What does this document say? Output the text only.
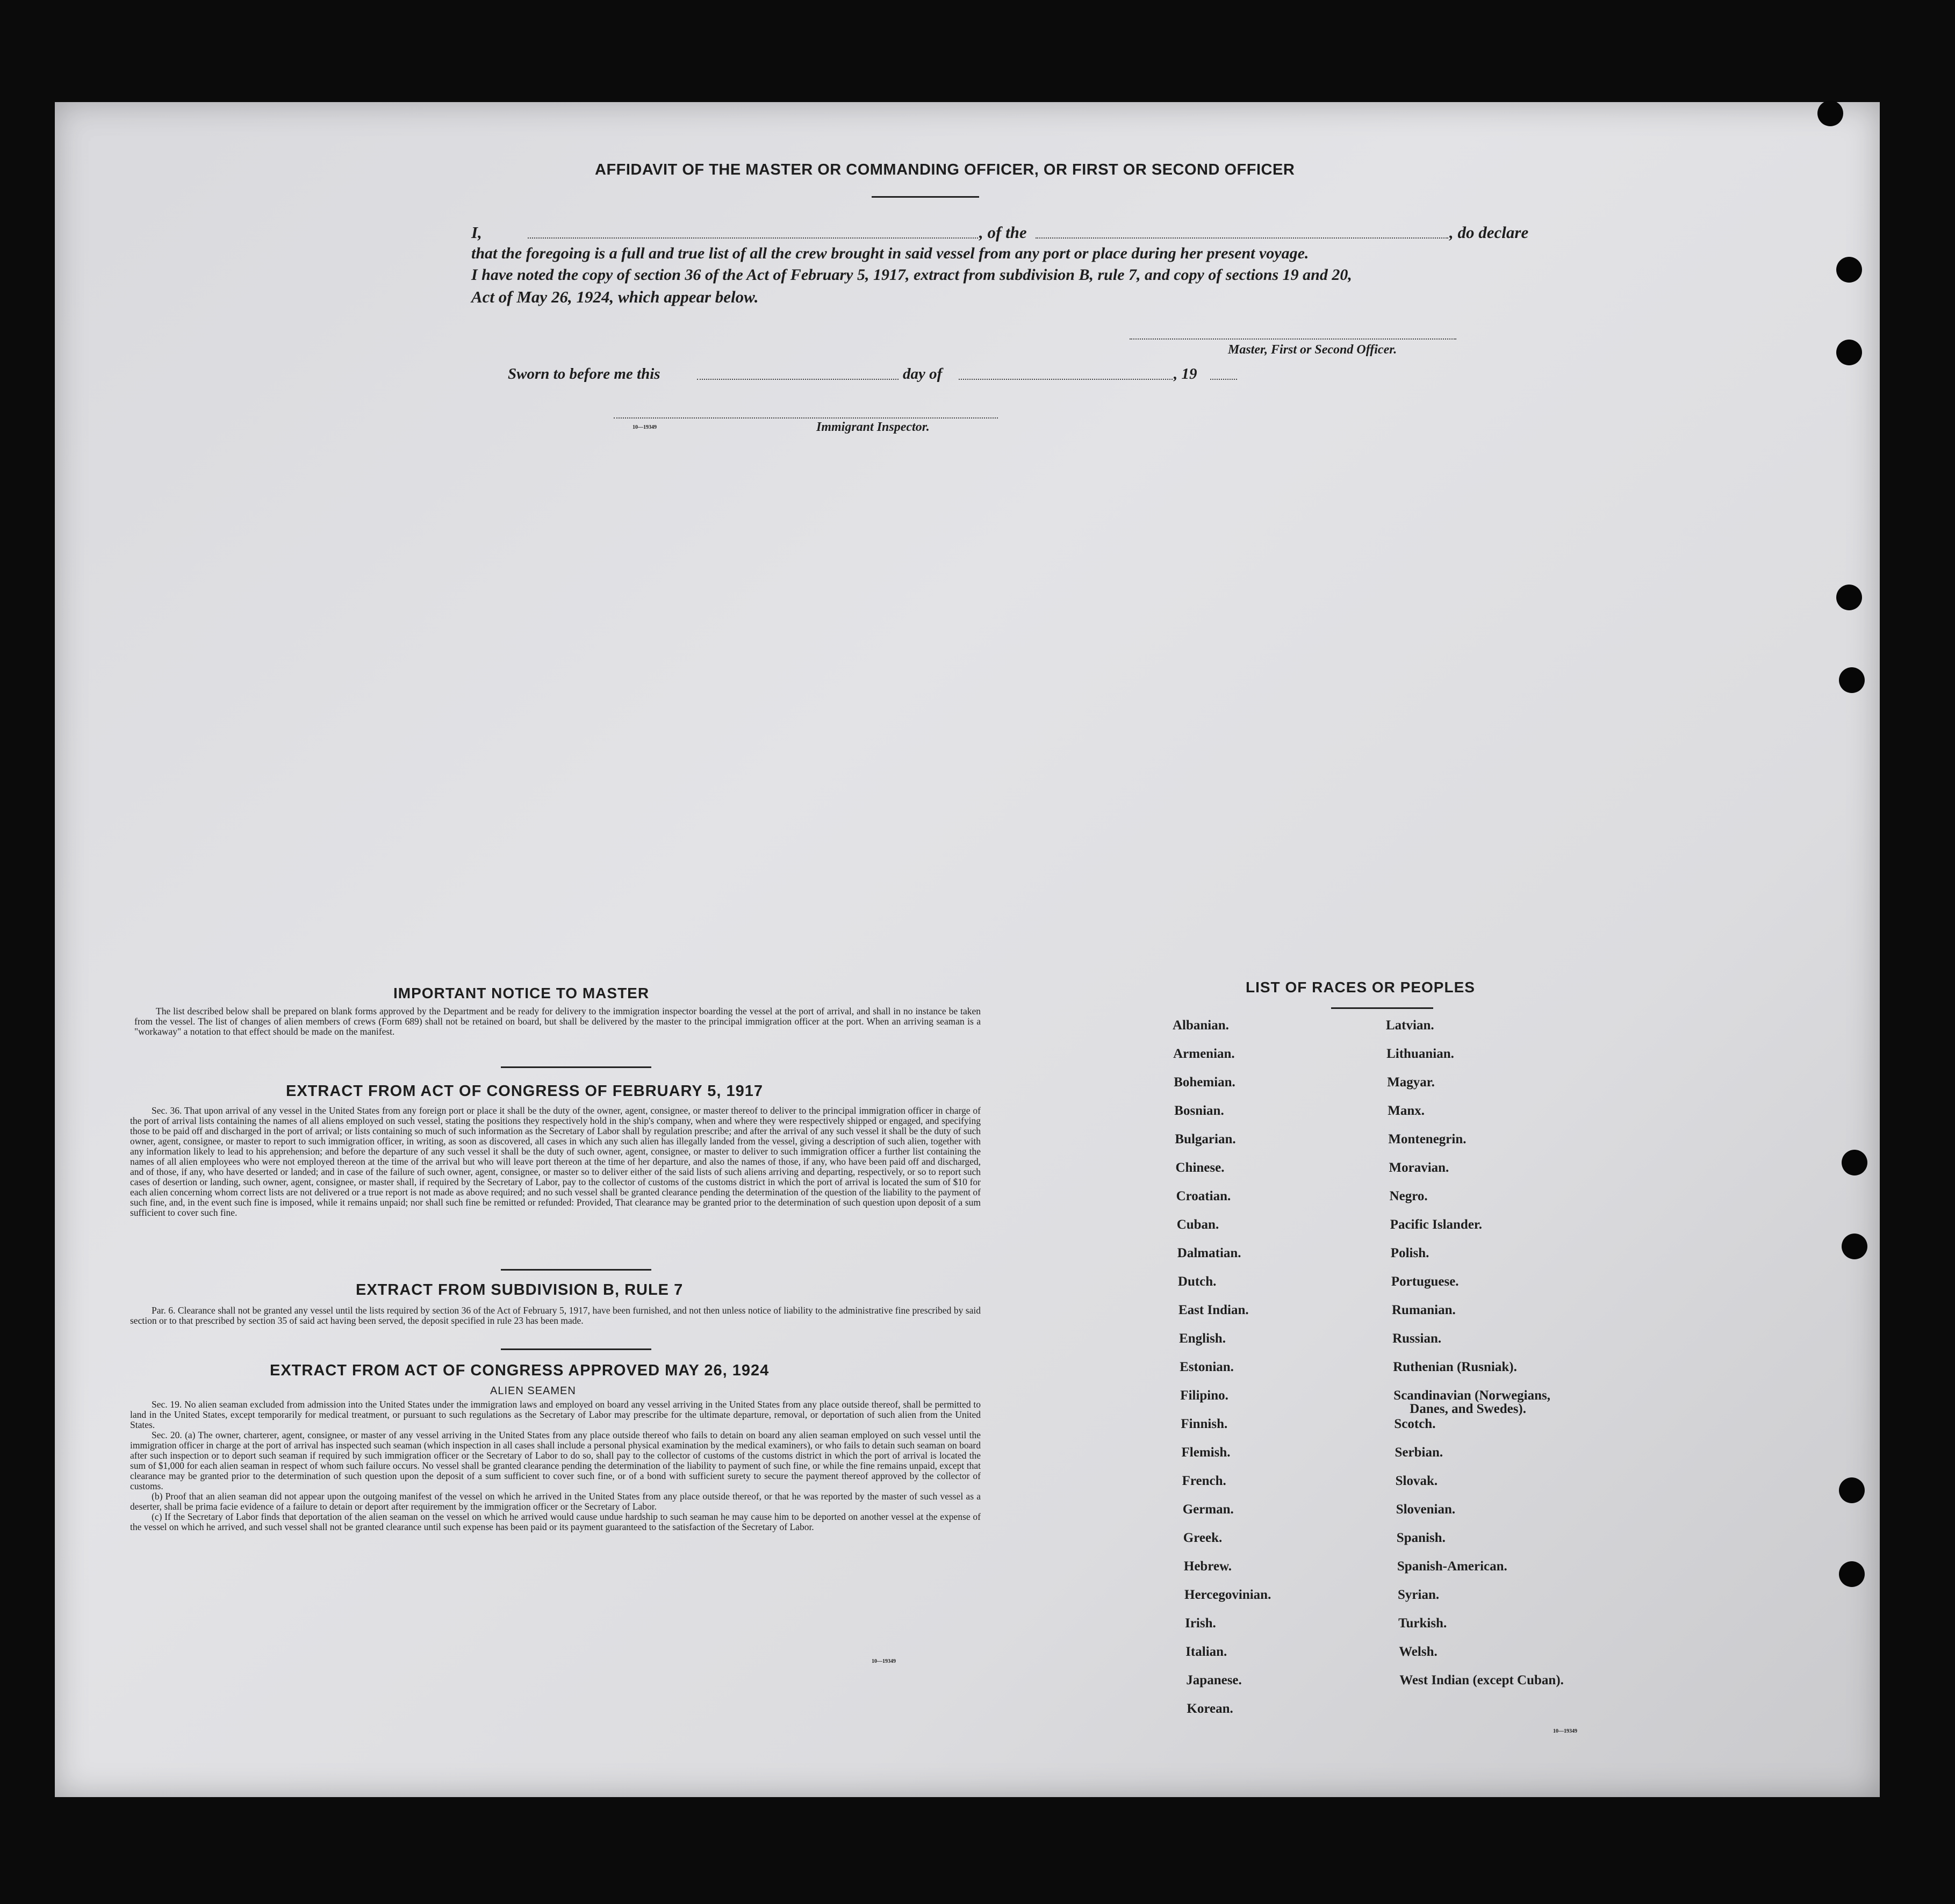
AFFIDAVIT OF THE MASTER OR COMMANDING OFFICER, OR FIRST OR SECOND OFFICER
I,	, of the	, do declare
that the foregoing is a full and true list of all the crew brought in said vessel from any port or place during her present voyage.
I have noted the copy of section 36 of the Act of February 5, 1917, extract from subdivision B, rule 7, and copy of sections 19 and 20,
Act of May 26, 1924, which appear below.
Master, First or Second Officer.
Sworn to before me this	day of	, 19
10—19349	Immigrant Inspector.
IMPORTANT NOTICE TO MASTER

The list described below shall be prepared on blank forms approved by the Department and be ready for delivery to the immigration inspector boarding the vessel at the port of arrival, and shall in no instance be taken from the vessel. The list of changes of alien members of crews (Form 689) shall not be retained on board, but shall be delivered by the master to the principal immigration officer at the port. When an arriving seaman is a "workaway" a notation to that effect should be made on the manifest.

EXTRACT FROM ACT OF CONGRESS OF FEBRUARY 5, 1917

Sec. 36. That upon arrival of any vessel in the United States from any foreign port or place it shall be the duty of the owner, agent, consignee, or master thereof to deliver to the principal immigration officer in charge of the port of arrival lists containing the names of all aliens employed on such vessel, stating the positions they respectively hold in the ship's company, when and where they were respectively shipped or engaged, and specifying those to be paid off and discharged in the port of arrival; or lists containing so much of such information as the Secretary of Labor shall by regulation prescribe; and after the arrival of any such vessel it shall be the duty of such owner, agent, consignee, or master to report to such immigration officer, in writing, as soon as discovered, all cases in which any such alien has illegally landed from the vessel, giving a description of such alien, together with any information likely to lead to his apprehension; and before the departure of any such vessel it shall be the duty of such owner, agent, consignee, or master to deliver to such immigration officer a further list containing the names of all alien employees who were not employed thereon at the time of the arrival but who will leave port thereon at the time of her departure, and also the names of those, if any, who have been paid off and discharged, and of those, if any, who have deserted or landed; and in case of the failure of such owner, agent, consignee, or master so to deliver either of the said lists of such aliens arriving and departing, respectively, or so to report such cases of desertion or landing, such owner, agent, consignee, or master shall, if required by the Secretary of Labor, pay to the collector of customs of the customs district in which the port of arrival is located the sum of $10 for each alien concerning whom correct lists are not delivered or a true report is not made as above required; and no such vessel shall be granted clearance pending the determination of the question of the liability to the payment of such fine, and, in the event such fine is imposed, while it remains unpaid; nor shall such fine be remitted or refunded: Provided, That clearance may be granted prior to the determination of such question upon deposit of a sum sufficient to cover such fine.

EXTRACT FROM SUBDIVISION B, RULE 7

Par. 6. Clearance shall not be granted any vessel until the lists required by section 36 of the Act of February 5, 1917, have been furnished, and not then unless notice of liability to the administrative fine prescribed by said section or to that prescribed by section 35 of said act having been served, the deposit specified in rule 23 has been made.

EXTRACT FROM ACT OF CONGRESS APPROVED MAY 26, 1924
ALIEN SEAMEN

Sec. 19. No alien seaman excluded from admission into the United States under the immigration laws and employed on board any vessel arriving in the United States from any place outside thereof, shall be permitted to land in the United States, except temporarily for medical treatment, or pursuant to such regulations as the Secretary of Labor may prescribe for the ultimate departure, removal, or deportation of such alien from the United States.

Sec. 20. (a) The owner, charterer, agent, consignee, or master of any vessel arriving in the United States from any place outside thereof who fails to detain on board any alien seaman employed on such vessel until the immigration officer in charge at the port of arrival has inspected such seaman (which inspection in all cases shall include a personal physical examination by the medical examiners), or who fails to detain such seaman on board after such inspection or to deport such seaman if required by such immigration officer or the Secretary of Labor to do so, shall pay to the collector of customs of the customs district in which the port of arrival is located the sum of $1,000 for each alien seaman in respect of whom such failure occurs. No vessel shall be granted clearance pending the determination of the liability to payment of such fine, or while the fine remains unpaid, except that clearance may be granted prior to the determination of such question upon the deposit of a sum sufficient to cover such fine, or of a bond with sufficient surety to secure the payment thereof approved by the collector of customs.

(b) Proof that an alien seaman did not appear upon the outgoing manifest of the vessel on which he arrived in the United States from any place outside thereof, or that he was reported by the master of such vessel as a deserter, shall be prima facie evidence of a failure to detain or deport after requirement by the immigration officer or the Secretary of Labor.

(c) If the Secretary of Labor finds that deportation of the alien seaman on the vessel on which he arrived would cause undue hardship to such seaman he may cause him to be deported on another vessel at the expense of the vessel on which he arrived, and such vessel shall not be granted clearance until such expense has been paid or its payment guaranteed to the satisfaction of the Secretary of Labor.

10—19349
LIST OF RACES OR PEOPLES
10—19349
Albanian.
Armenian.
Bohemian.
Bosnian.
Bulgarian.
Chinese.
Croatian.
Cuban.
Dalmatian.
Dutch.
East Indian.
English.
Estonian.
Filipino.
Finnish.
Flemish.
French.
German.
Greek.
Hebrew.
Hercegovinian.
Irish.
Italian.
Japanese.
Korean.
Latvian.
Lithuanian.
Magyar.
Manx.
Montenegrin.
Moravian.
Negro.
Pacific Islander.
Polish.
Portuguese.
Rumanian.
Russian.
Ruthenian (Rusniak).
Scandinavian (Norwegians,
Danes, and Swedes).
Scotch.
Serbian.
Slovak.
Slovenian.
Spanish.
Spanish-American.
Syrian.
Turkish.
Welsh.
West Indian (except Cuban).
